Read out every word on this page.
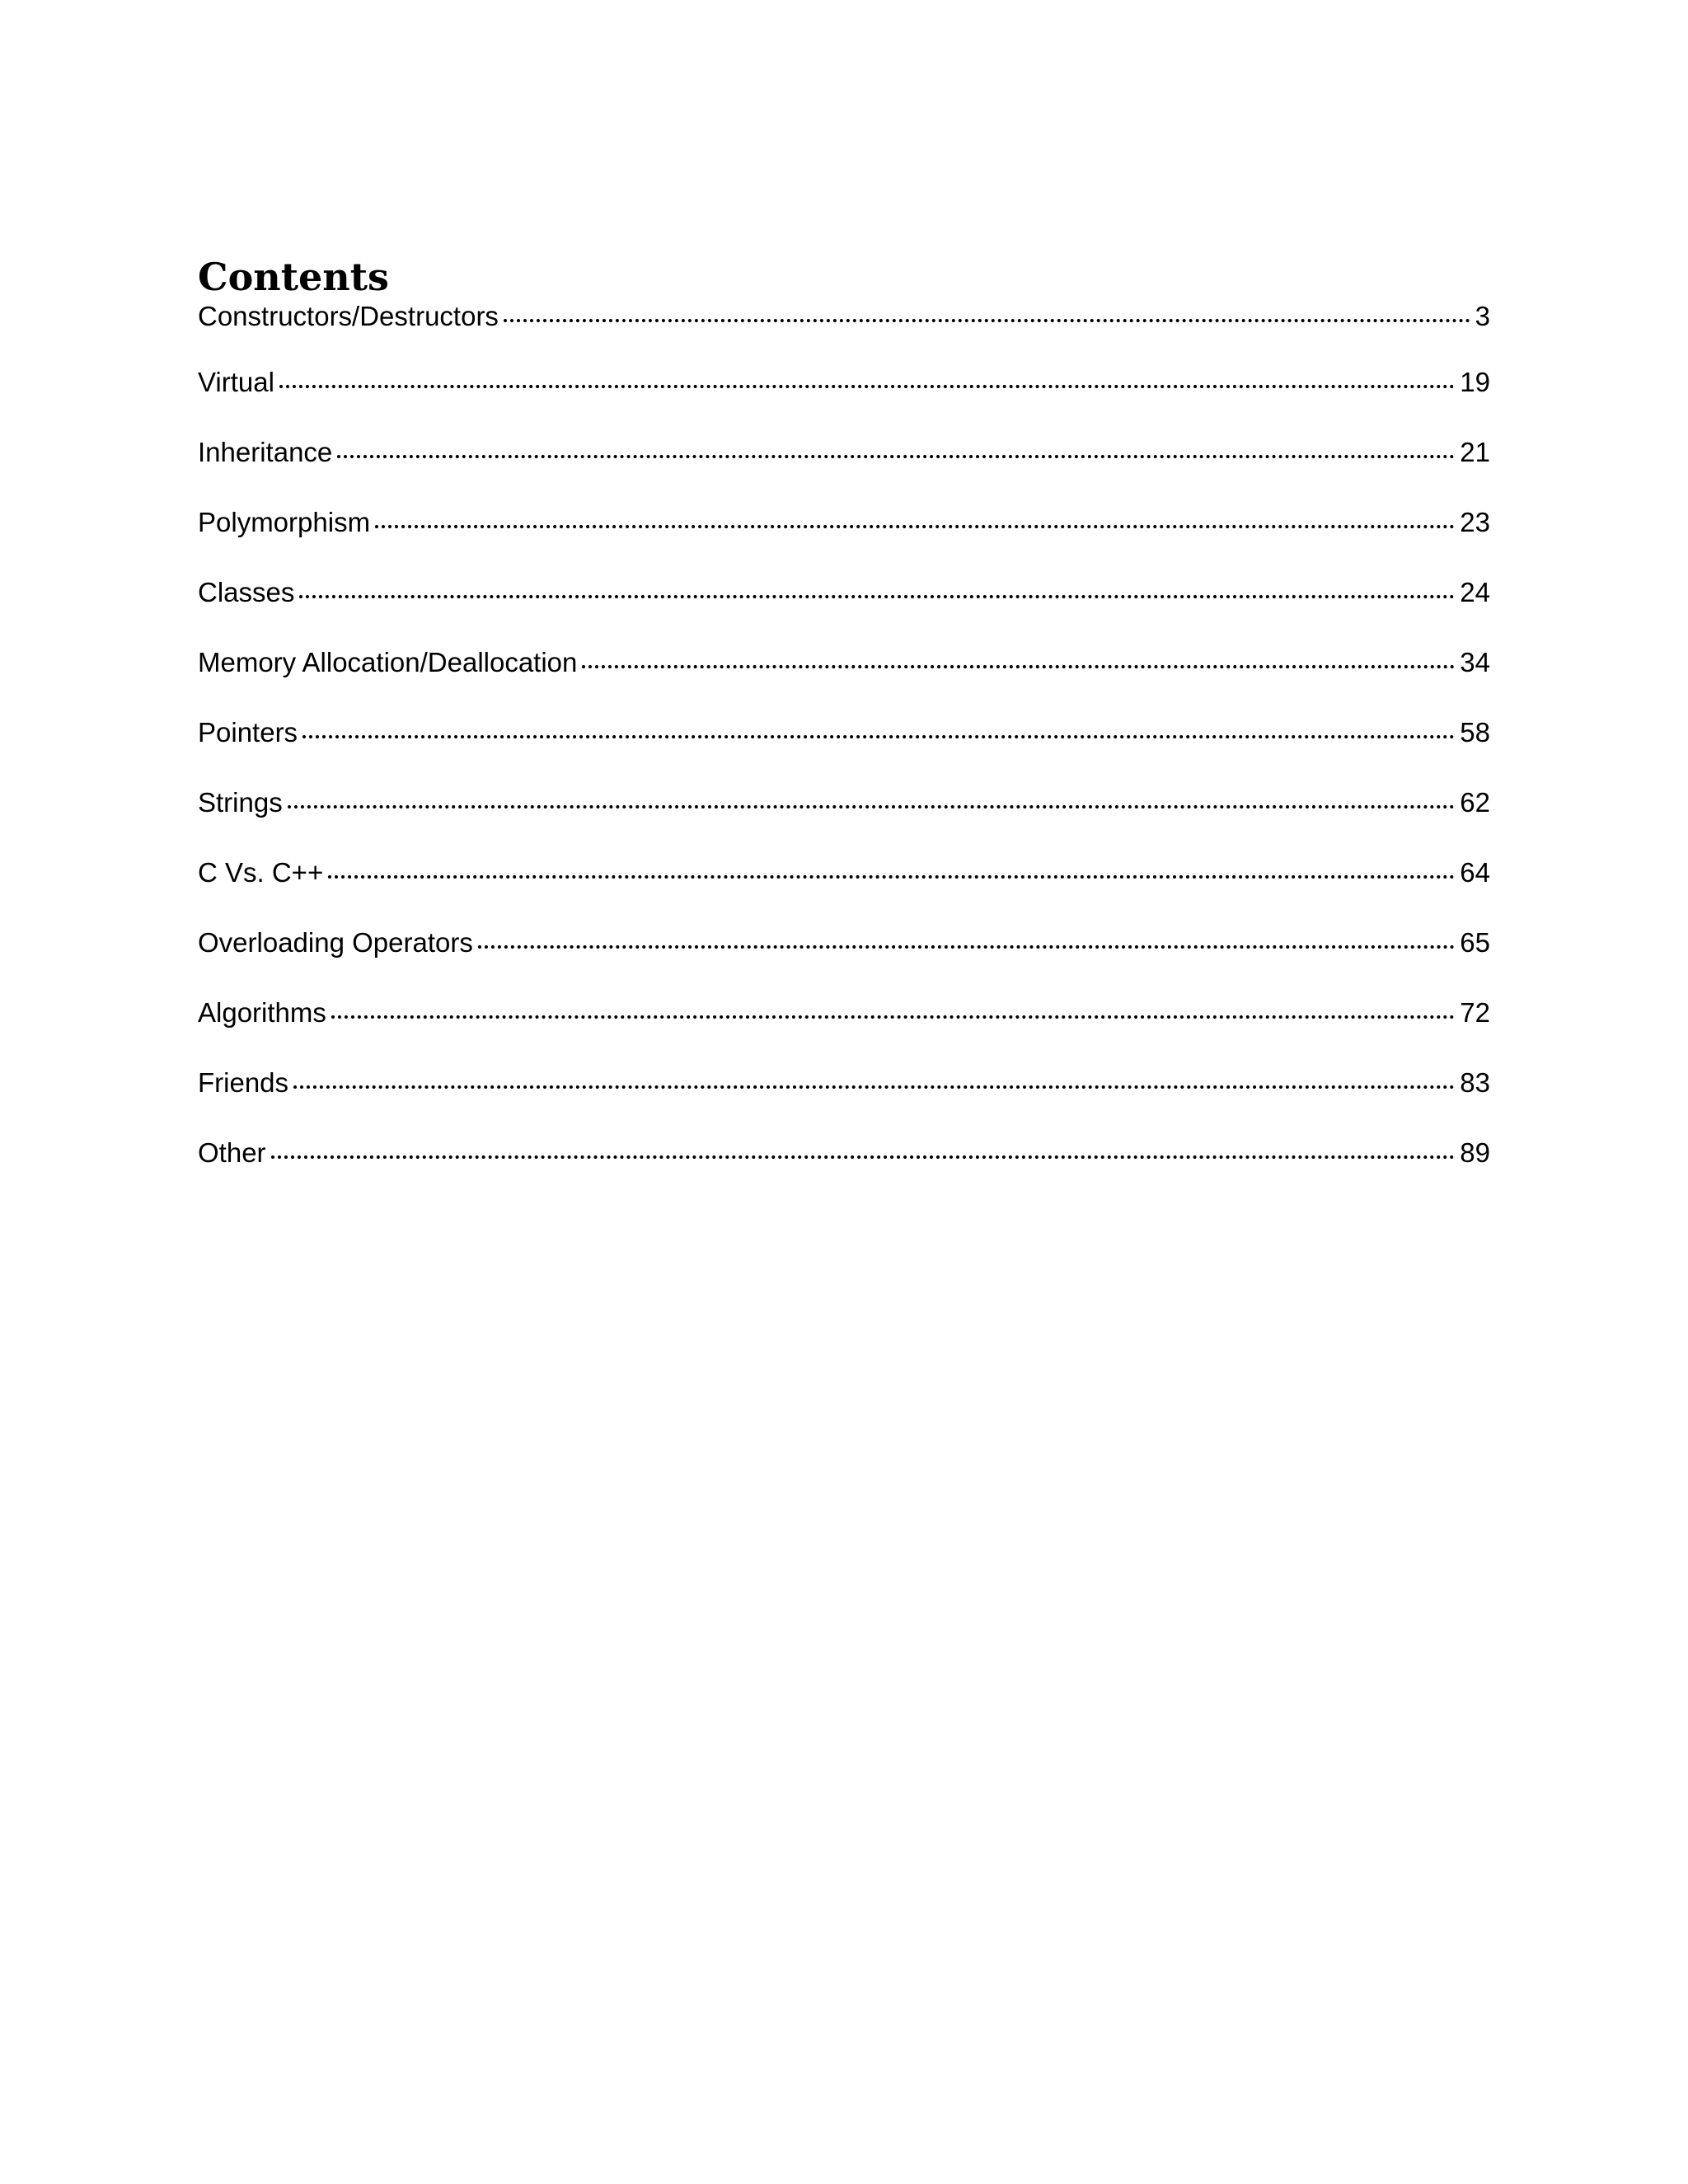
Contents
Constructors/Destructors	3
Virtual	19
Inheritance	21
Polymorphism	23
Classes	24
Memory Allocation/Deallocation	34
Pointers	58
Strings	62
C Vs. C++	64
Overloading Operators	65
Algorithms	72
Friends	83
Other	89
